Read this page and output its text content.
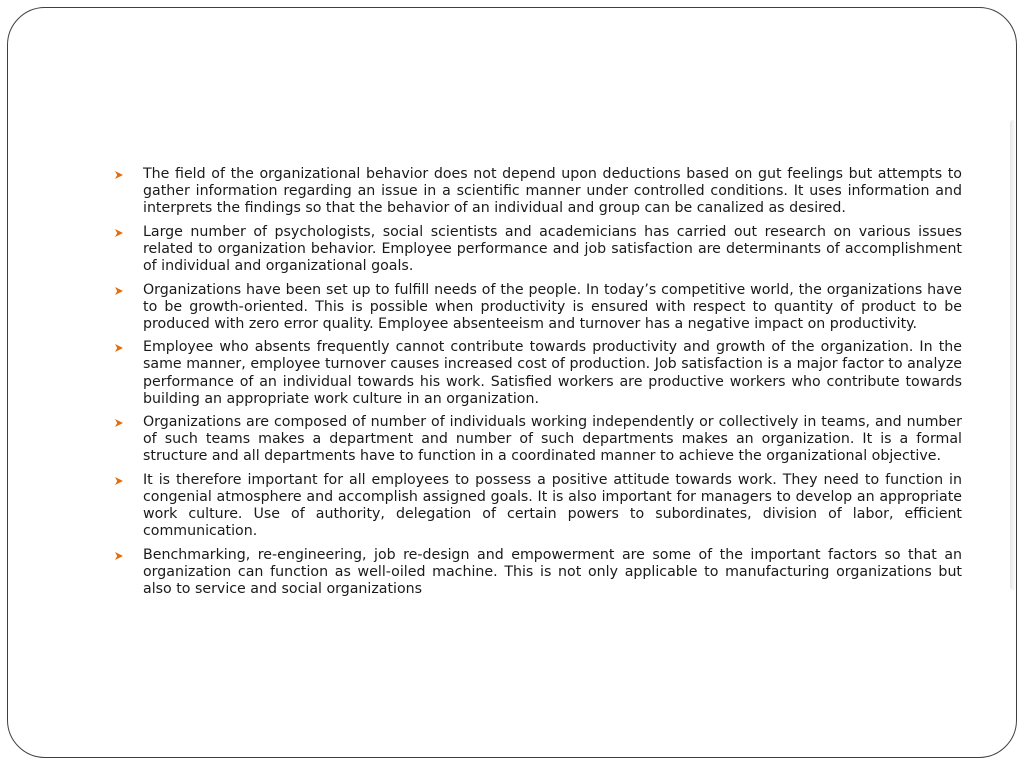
The field of the organizational behavior does not depend upon deductions based on gut feelings but attempts to gather information regarding an issue in a scientific manner under controlled conditions. It uses information and interprets the findings so that the behavior of an individual and group can be canalized as desired.
Large number of psychologists, social scientists and academicians has carried out research on various issues related to organization behavior. Employee performance and job satisfaction are determinants of accomplishment of individual and organizational goals.
Organizations have been set up to fulfill needs of the people. In today’s competitive world, the organizations have to be growth-oriented. This is possible when productivity is ensured with respect to quantity of product to be produced with zero error quality. Employee absenteeism and turnover has a negative impact on productivity.
Employee who absents frequently cannot contribute towards productivity and growth of the organization. In the same manner, employee turnover causes increased cost of production. Job satisfaction is a major factor to analyze performance of an individual towards his work. Satisfied workers are productive workers who contribute towards building an appropriate work culture in an organization.
Organizations are composed of number of individuals working independently or collectively in teams, and number of such teams makes a department and number of such departments makes an organization. It is a formal structure and all departments have to function in a coordinated manner to achieve the organizational objective.
It is therefore important for all employees to possess a positive attitude towards work. They need to function in congenial atmosphere and accomplish assigned goals. It is also important for managers to develop an appropriate work culture. Use of authority, delegation of certain powers to subordinates, division of labor, efficient communication.
Benchmarking, re-engineering, job re-design and empowerment are some of the important factors so that an organization can function as well-oiled machine. This is not only applicable to manufacturing organizations but also to service and social organizations
